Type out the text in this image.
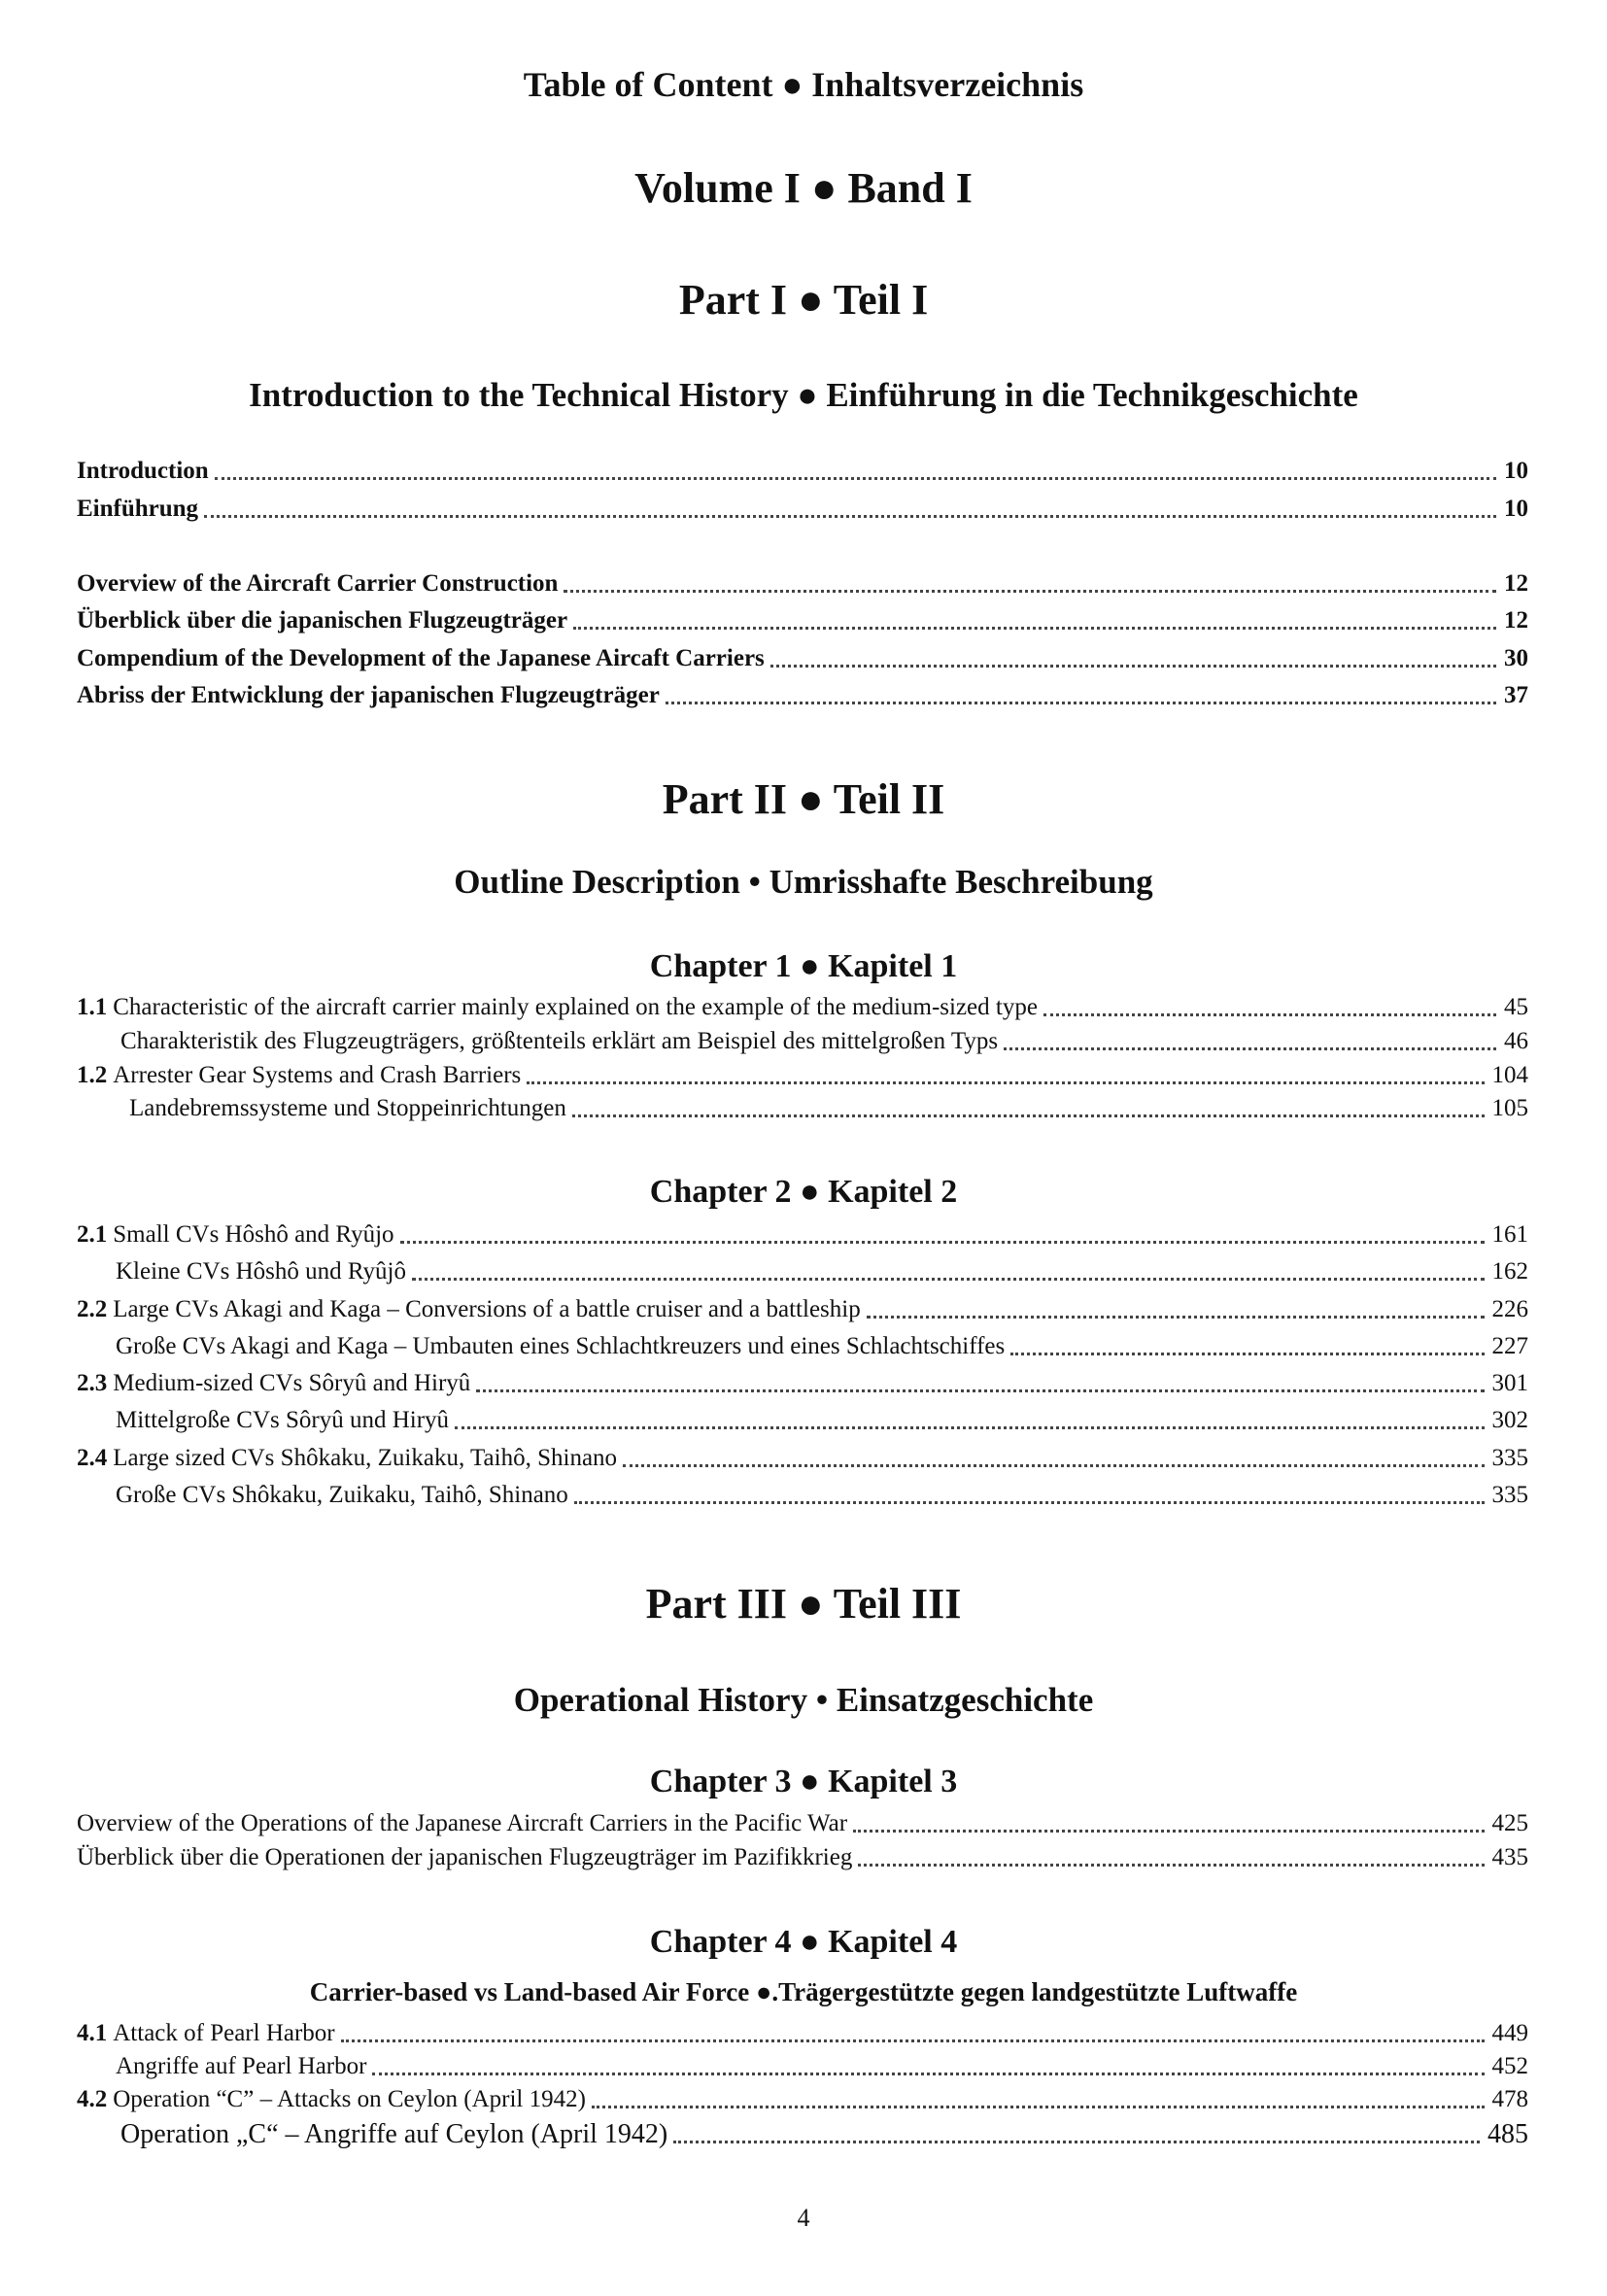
Table of Content ● Inhaltsverzeichnis
Volume I ● Band I
Part I ● Teil I
Introduction to the Technical History ● Einführung in die Technikgeschichte
Introduction	10
Einführung	10
Overview of the Aircraft Carrier Construction	12
Überblick über die japanischen Flugzeugträger	12
Compendium of the Development of the Japanese Aircaft Carriers	30
Abriss der Entwicklung der japanischen Flugzeugträger	37
Part II ● Teil II
Outline Description • Umrisshafte Beschreibung
Chapter 1 ● Kapitel 1
1.1 Characteristic of the aircraft carrier mainly explained on the example of the medium-sized type	45
Charakteristik des Flugzeugträgers, größtenteils erklärt am Beispiel des mittelgroßen Typs	46
1.2 Arrester Gear Systems and Crash Barriers	104
Landebremssysteme und Stoppeinrichtungen	105
Chapter 2 ● Kapitel 2
2.1 Small CVs Hôshô and Ryûjo	161
Kleine CVs Hôshô und Ryûjô	162
2.2 Large CVs Akagi and Kaga – Conversions of a battle cruiser and a battleship	226
Große CVs Akagi and Kaga – Umbauten eines Schlachtkreuzers und eines Schlachtschiffes	227
2.3 Medium-sized CVs Sôryû and Hiryû	301
Mittelgroße CVs Sôryû und Hiryû	302
2.4 Large sized CVs Shôkaku, Zuikaku, Taihô, Shinano	335
Große CVs Shôkaku, Zuikaku, Taihô, Shinano	335
Part III ● Teil III
Operational History • Einsatzgeschichte
Chapter 3 ● Kapitel 3
Overview of the Operations of the Japanese Aircraft Carriers in the Pacific War	425
Überblick über die Operationen der japanischen Flugzeugträger im Pazifikkrieg	435
Chapter 4 ● Kapitel 4
Carrier-based vs Land-based Air Force ●.Trägergestützte gegen landgestützte Luftwaffe
4.1 Attack of Pearl Harbor	449
Angriffe auf Pearl Harbor	452
4.2 Operation “C” – Attacks on Ceylon (April 1942)	478
Operation „C“ – Angriffe auf Ceylon (April 1942)	485
4
